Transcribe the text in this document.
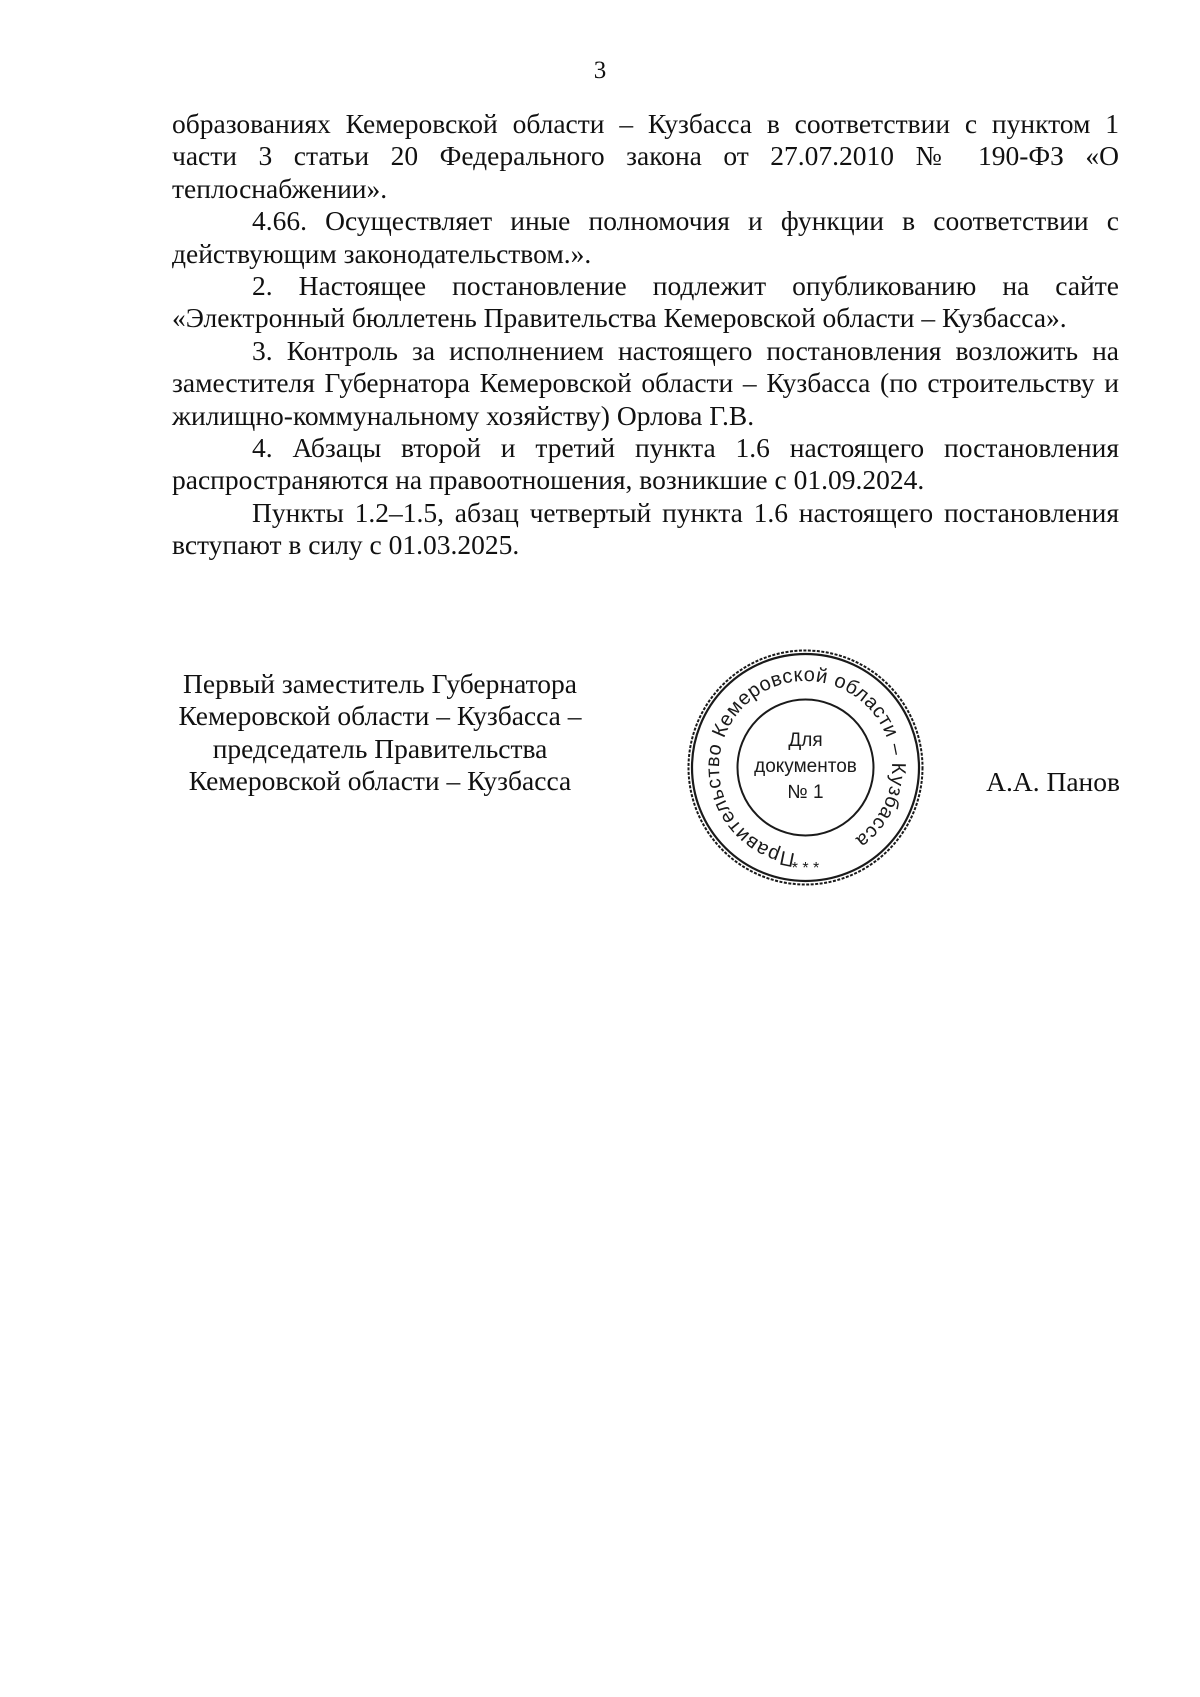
3

образованиях Кемеровской области – Кузбасса в соответствии с пунктом 1 части 3 статьи 20 Федерального закона от 27.07.2010 № 190-ФЗ «О теплоснабжении».

4.66. Осуществляет иные полномочия и функции в соответствии с действующим законодательством.».

2. Настоящее постановление подлежит опубликованию на сайте «Электронный бюллетень Правительства Кемеровской области – Кузбасса».

3. Контроль за исполнением настоящего постановления возложить на заместителя Губернатора Кемеровской области – Кузбасса (по строительству и жилищно-коммунальному хозяйству) Орлова Г.В.

4. Абзацы второй и третий пункта 1.6 настоящего постановления распространяются на правоотношения, возникшие с 01.09.2024.

Пункты 1.2–1.5, абзац четвертый пункта 1.6 настоящего постановления вступают в силу с 01.03.2025.

Первый заместитель Губернатора
Кемеровской области – Кузбасса –
председатель Правительства
Кемеровской области – Кузбасса
Правительство Кемеровской области – Кузбасса
* * *
Для
документов
№ 1	А.А. Панов
